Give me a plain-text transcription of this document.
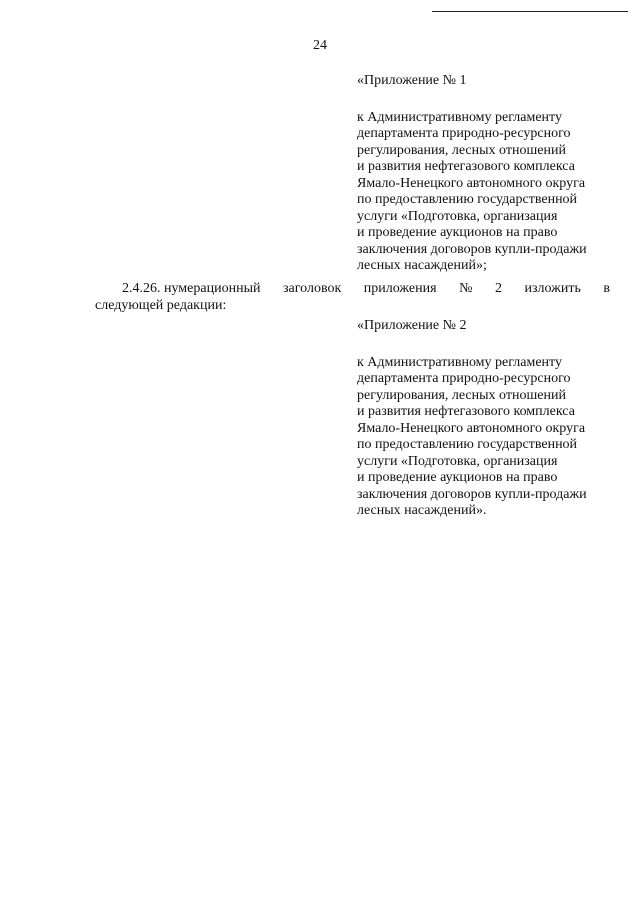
24

«Приложение № 1

к Административному регламенту
департамента природно-ресурсного
регулирования, лесных отношений
и развития нефтегазового комплекса
Ямало-Ненецкого автономного округа
по предоставлению государственной
услуги «Подготовка, организация
и проведение аукционов на право
заключения договоров купли-продажи
лесных насаждений»;
2.4.26. нумерационный заголовок приложения № 2 изложить в
следующей редакции:

«Приложение № 2

к Административному регламенту
департамента природно-ресурсного
регулирования, лесных отношений
и развития нефтегазового комплекса
Ямало-Ненецкого автономного округа
по предоставлению государственной
услуги «Подготовка, организация
и проведение аукционов на право
заключения договоров купли-продажи
лесных насаждений».
